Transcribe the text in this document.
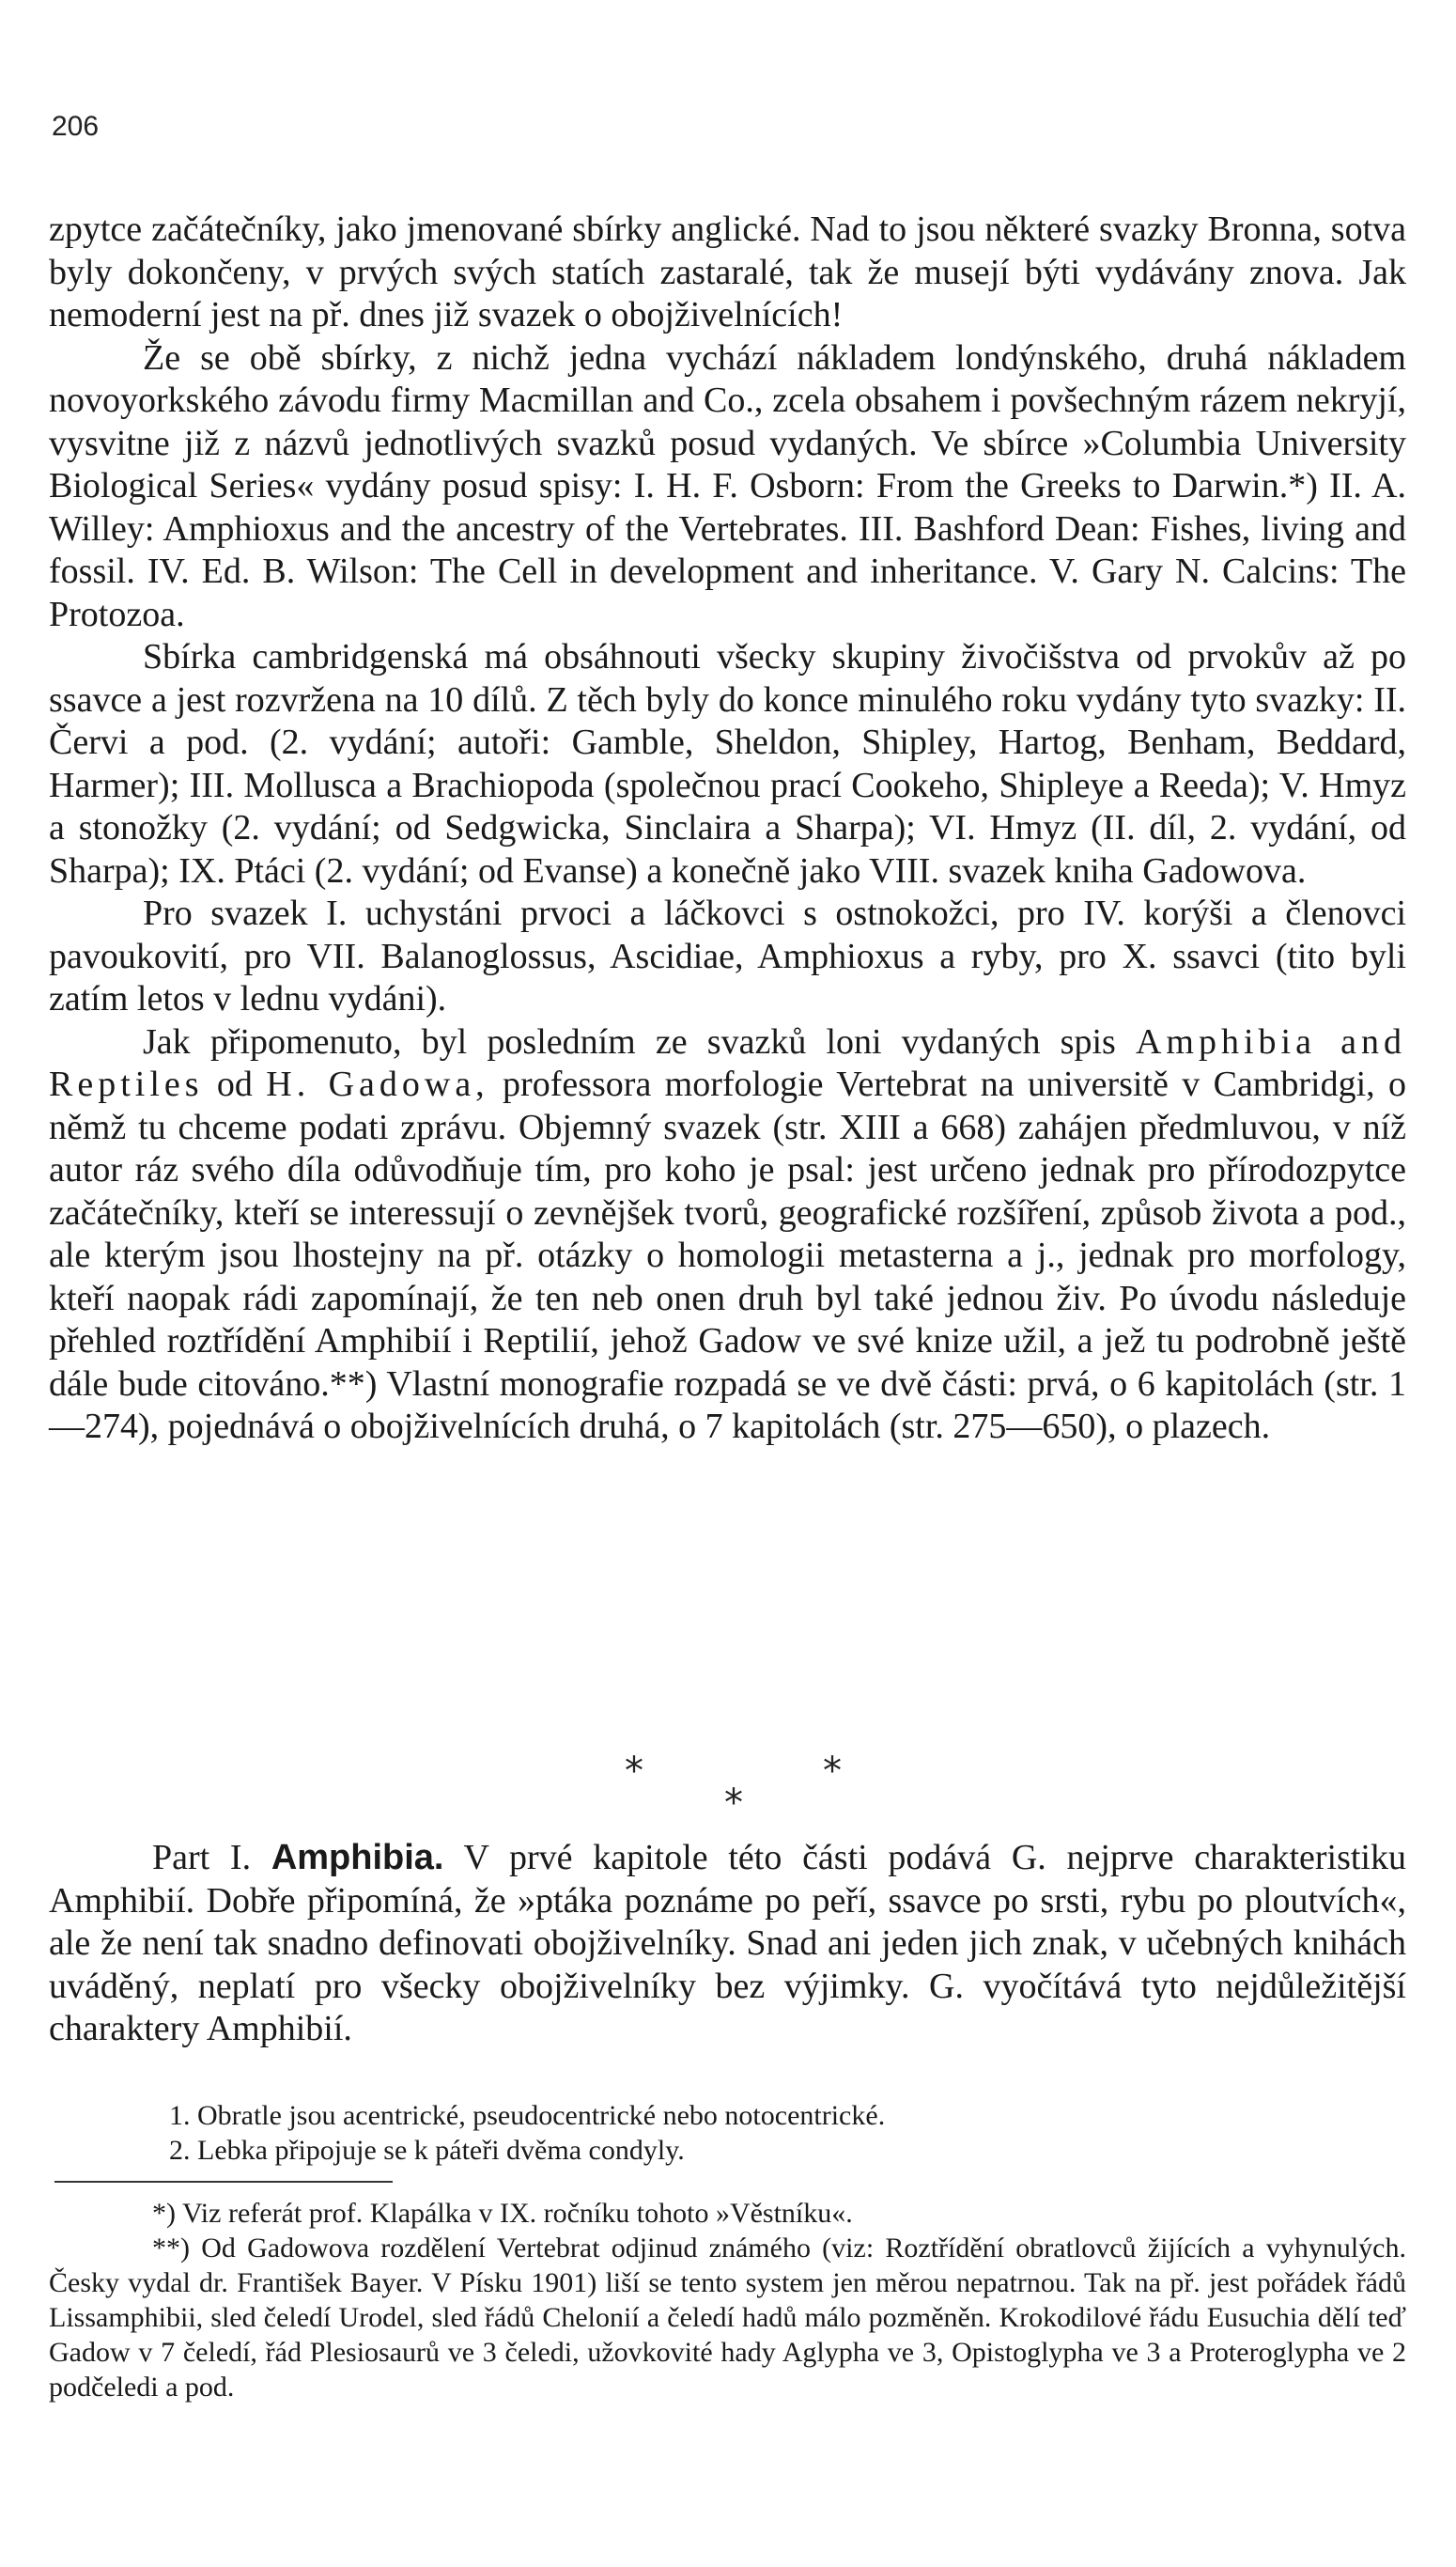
206

zpytce začátečníky, jako jmenované sbírky anglické. Nad to jsou některé svazky Bronna, sotva byly dokončeny, v prvých svých statích zastaralé, tak že musejí býti vydávány znova. Jak nemoderní jest na př. dnes již svazek o obojživelnících!

Že se obě sbírky, z nichž jedna vychází nákladem londýnského, druhá nákladem novoyorkského závodu firmy Macmillan and Co., zcela obsahem i povšechným rázem nekryjí, vysvitne již z názvů jednotlivých svazků posud vydaných. Ve sbírce »Columbia University Biological Series« vydány posud spisy: I. H. F. Osborn: From the Greeks to Darwin.*) II. A. Willey: Amphioxus and the ancestry of the Vertebrates. III. Bashford Dean: Fishes, living and fossil. IV. Ed. B. Wilson: The Cell in development and inheritance. V. Gary N. Calcins: The Protozoa.

Sbírka cambridgenská má obsáhnouti všecky skupiny živočišstva od prvokův až po ssavce a jest rozvržena na 10 dílů. Z těch byly do konce minulého roku vydány tyto svazky: II. Červi a pod. (2. vydání; autoři: Gamble, Sheldon, Shipley, Hartog, Benham, Beddard, Harmer); III. Mollusca a Brachiopoda (společnou prací Cookeho, Shipleye a Reeda); V. Hmyz a stonožky (2. vydání; od Sedgwicka, Sinclaira a Sharpa); VI. Hmyz (II. díl, 2. vydání, od Sharpa); IX. Ptáci (2. vydání; od Evanse) a konečně jako VIII. svazek kniha Gadowova.

Pro svazek I. uchystáni prvoci a láčkovci s ostnokožci, pro IV. korýši a členovci pavoukovití, pro VII. Balanoglossus, Ascidiae, Amphioxus a ryby, pro X. ssavci (tito byli zatím letos v lednu vydáni).

Jak připomenuto, byl posledním ze svazků loni vydaných spis Amphibia and Reptiles od H. Gadowa, professora morfologie Vertebrat na universitě v Cambridgi, o němž tu chceme podati zprávu. Objemný svazek (str. XIII a 668) zahájen předmluvou, v níž autor ráz svého díla odůvodňuje tím, pro koho je psal: jest určeno jednak pro přírodozpytce začátečníky, kteří se interessují o zevnějšek tvorů, geografické rozšíření, způsob života a pod., ale kterým jsou lhostejny na př. otázky o homologii metasterna a j., jednak pro morfology, kteří naopak rádi zapomínají, že ten neb onen druh byl také jednou živ. Po úvodu následuje přehled roztřídění Amphibií i Reptilií, jehož Gadow ve své knize užil, a jež tu podrobně ještě dále bude citováno.**) Vlastní monografie rozpadá se ve dvě části: prvá, o 6 kapitolách (str. 1—274), pojednává o obojživelnících druhá, o 7 kapitolách (str. 275—650), o plazech.

*	*
*

Part I. Amphibia. V prvé kapitole této části podává G. nejprve charakteristiku Amphibií. Dobře připomíná, že »ptáka poznáme po peří, ssavce po srsti, rybu po ploutvích«, ale že není tak snadno definovati obojživelníky. Snad ani jeden jich znak, v učebných knihách uváděný, neplatí pro všecky obojživelníky bez výjimky. G. vyočítává tyto nejdůležitější charaktery Amphibií.

1. Obratle jsou acentrické, pseudocentrické nebo notocentrické.
2. Lebka připojuje se k páteři dvěma condyly.

*) Viz referát prof. Klapálka v IX. ročníku tohoto »Věstníku«.

**) Od Gadowova rozdělení Vertebrat odjinud známého (viz: Roztřídění obratlovců žijících a vyhynulých. Česky vydal dr. František Bayer. V Písku 1901) liší se tento system jen měrou nepatrnou. Tak na př. jest pořádek řádů Lissamphibii, sled čeledí Urodel, sled řádů Chelonií a čeledí hadů málo pozměněn. Krokodilové řádu Eusuchia dělí teď Gadow v 7 čeledí, řád Plesiosaurů ve 3 čeledi, užovkovité hady Aglypha ve 3, Opistoglypha ve 3 a Proteroglypha ve 2 podčeledi a pod.
